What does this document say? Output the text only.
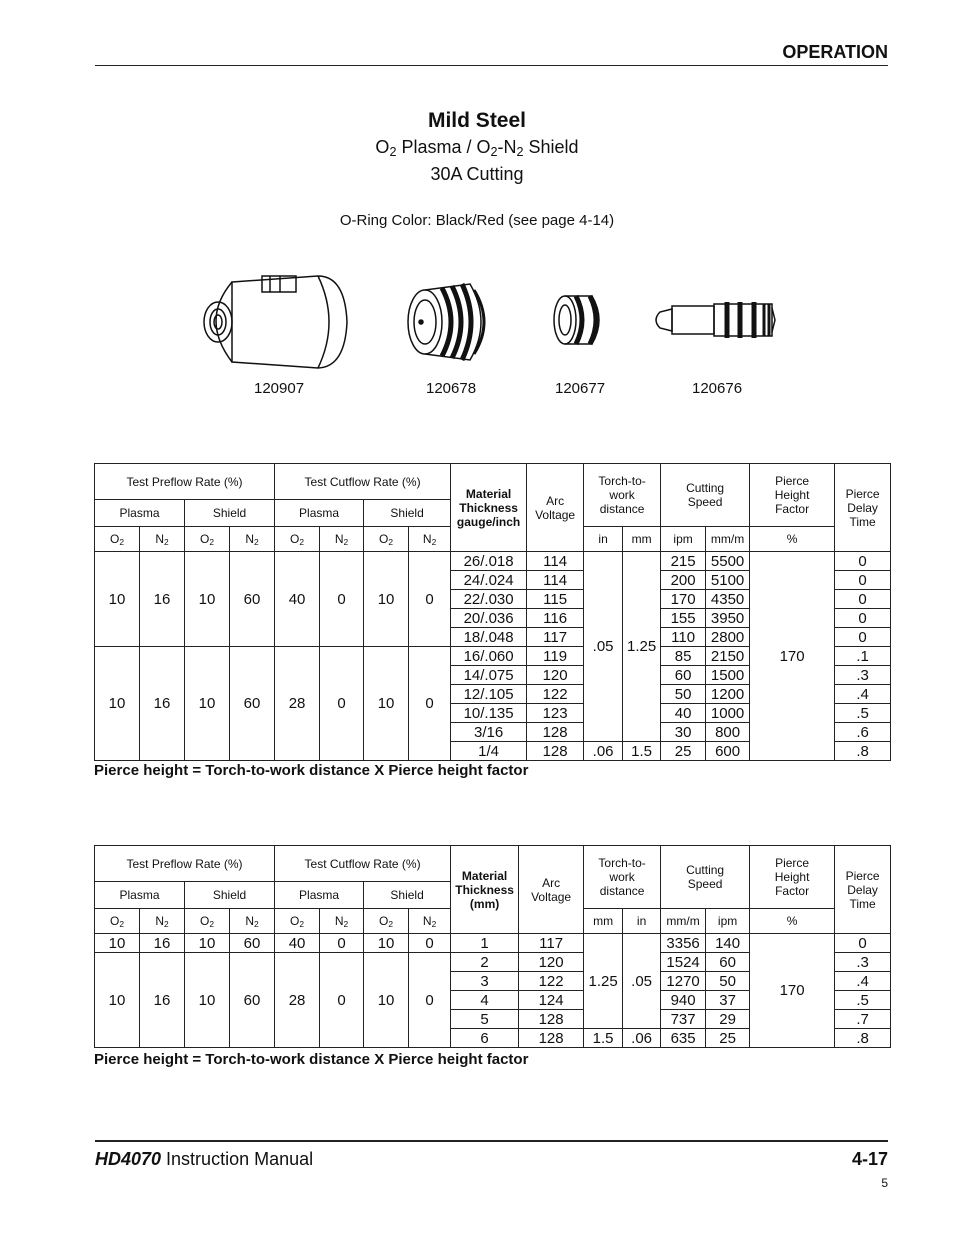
OPERATION
Mild Steel
$O_2$ Plasma / $O_2-N_2$ Shield
30A Cutting
O-Ring Color: Black/Red (see page 4-14)
120907	120678	120677	120676
Test Preflow Rate (%)				Test Cutflow Rate (%)				Material
Thickness
gauge/inch	Arc
Voltage	Torch-to-
work
distance		Cutting
Speed		Pierce
Height
Factor	Pierce
Delay
Time
Plasma		Shield		Plasma		Shield									
$O_2$	$N_2$	$O_2$	$N_2$	$O_2$	$N_2$	$O_2$	$N_2$			in	mm	ipm	mm/m	%	
10	16	10	60	40	0	10	0	26/.018	114	.05	1.25	215	5500	170	0
								24/.024	114			200	5100		0
								22/.030	115			170	4350		0
								20/.036	116			155	3950		0
								18/.048	117			110	2800		0
10	16	10	60	28	0	10	0	16/.060	119			85	2150		.1
								14/.075	120			60	1500		.3
								12/.105	122			50	1200		.4
								10/.135	123			40	1000		.5
								3/16	128			30	800		.6
								1/4	128	.06	1.5	25	600		.8
Pierce height = Torch-to-work distance X Pierce height factor
Test Preflow Rate (%)				Test Cutflow Rate (%)				Material
Thickness
(mm)	Arc
Voltage	Torch-to-
work
distance		Cutting
Speed		Pierce
Height
Factor	Pierce
Delay
Time
Plasma		Shield		Plasma		Shield									
$O_2$	$N_2$	$O_2$	$N_2$	$O_2$	$N_2$	$O_2$	$N_2$			mm	in	mm/m	ipm	%	
10	16	10	60	40	0	10	0	1	117	1.25	.05	3356	140	170	0
10	16	10	60	28	0	10	0	2	120			1524	60		.3
								3	122			1270	50		.4
								4	124			940	37		.5
								5	128			737	29		.7
								6	128	1.5	.06	635	25		.8
Pierce height = Torch-to-work distance X Pierce height factor
HD4070 Instruction Manual	4-17
5
